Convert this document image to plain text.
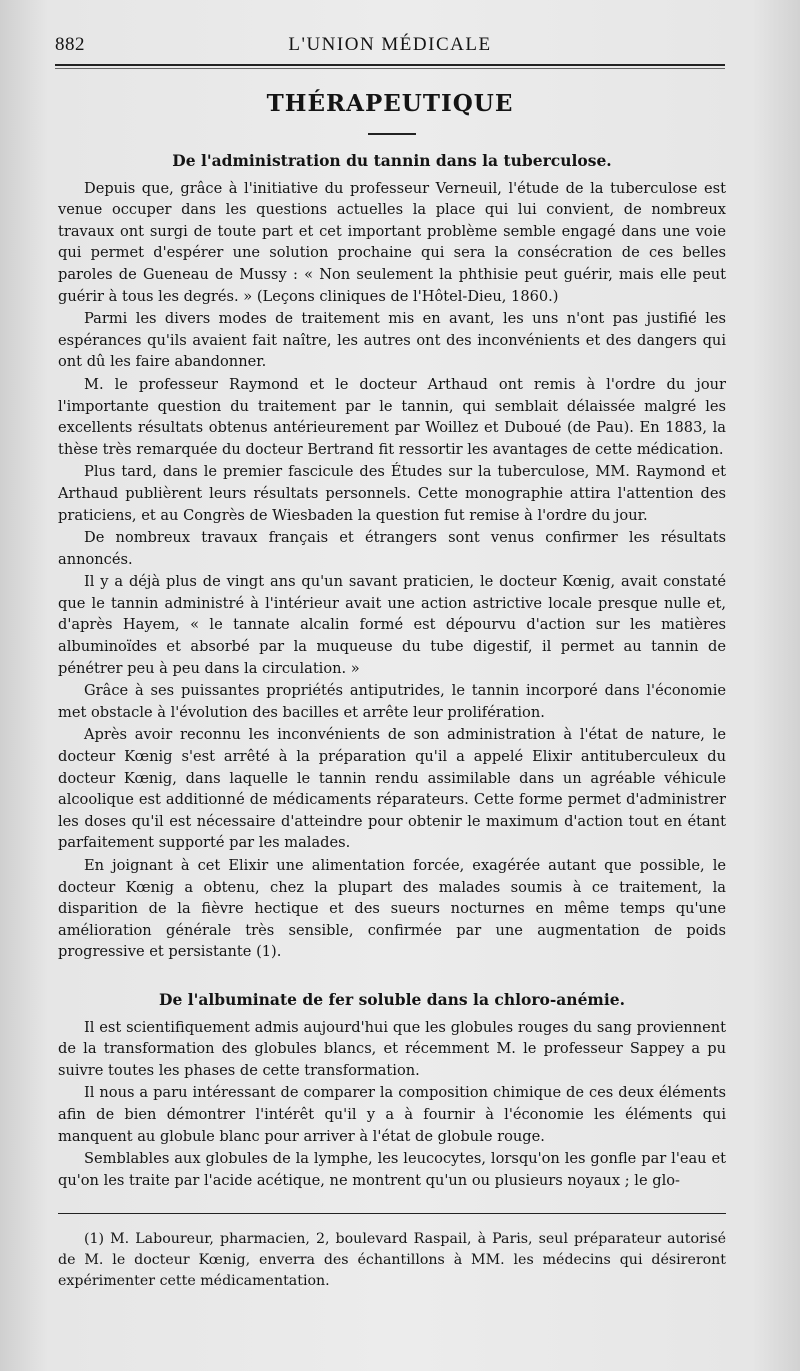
882	L'UNION MÉDICALE
THÉRAPEUTIQUE
De l'administration du tannin dans la tuberculose.

Depuis que, grâce à l'initiative du professeur Verneuil, l'étude de la tuberculose est venue occuper dans les questions actuelles la place qui lui convient, de nombreux travaux ont surgi de toute part et cet important problème semble engagé dans une voie qui permet d'espérer une solution prochaine qui sera la consécration de ces belles paroles de Gueneau de Mussy : « Non seulement la phthisie peut guérir, mais elle peut guérir à tous les degrés. » (Leçons cliniques de l'Hôtel-Dieu, 1860.)

Parmi les divers modes de traitement mis en avant, les uns n'ont pas justifié les espérances qu'ils avaient fait naître, les autres ont des inconvénients et des dangers qui ont dû les faire abandonner.

M. le professeur Raymond et le docteur Arthaud ont remis à l'ordre du jour l'importante question du traitement par le tannin, qui semblait délaissée malgré les excellents résultats obtenus antérieurement par Woillez et Duboué (de Pau). En 1883, la thèse très remarquée du docteur Bertrand fit ressortir les avantages de cette médication.

Plus tard, dans le premier fascicule des Études sur la tuberculose, MM. Raymond et Arthaud publièrent leurs résultats personnels. Cette monographie attira l'attention des praticiens, et au Congrès de Wiesbaden la question fut remise à l'ordre du jour.

De nombreux travaux français et étrangers sont venus confirmer les résultats annoncés.

Il y a déjà plus de vingt ans qu'un savant praticien, le docteur Kœnig, avait constaté que le tannin administré à l'intérieur avait une action astrictive locale presque nulle et, d'après Hayem, « le tannate alcalin formé est dépourvu d'action sur les matières albuminoïdes et absorbé par la muqueuse du tube digestif, il permet au tannin de pénétrer peu à peu dans la circulation. »

Grâce à ses puissantes propriétés antiputrides, le tannin incorporé dans l'économie met obstacle à l'évolution des bacilles et arrête leur prolifération.

Après avoir reconnu les inconvénients de son administration à l'état de nature, le docteur Kœnig s'est arrêté à la préparation qu'il a appelé Elixir antituberculeux du docteur Kœnig, dans laquelle le tannin rendu assimilable dans un agréable véhicule alcoolique est additionné de médicaments réparateurs. Cette forme permet d'administrer les doses qu'il est nécessaire d'atteindre pour obtenir le maximum d'action tout en étant parfaitement supporté par les malades.

En joignant à cet Elixir une alimentation forcée, exagérée autant que possible, le docteur Kœnig a obtenu, chez la plupart des malades soumis à ce traitement, la disparition de la fièvre hectique et des sueurs nocturnes en même temps qu'une amélioration générale très sensible, confirmée par une augmentation de poids progressive et persistante (1).

De l'albuminate de fer soluble dans la chloro-anémie.

Il est scientifiquement admis aujourd'hui que les globules rouges du sang proviennent de la transformation des globules blancs, et récemment M. le professeur Sappey a pu suivre toutes les phases de cette transformation.

Il nous a paru intéressant de comparer la composition chimique de ces deux éléments afin de bien démontrer l'intérêt qu'il y a à fournir à l'économie les éléments qui manquent au globule blanc pour arriver à l'état de globule rouge.

Semblables aux globules de la lymphe, les leucocytes, lorsqu'on les gonfle par l'eau et qu'on les traite par l'acide acétique, ne montrent qu'un ou plusieurs noyaux ; le glo-

(1) M. Laboureur, pharmacien, 2, boulevard Raspail, à Paris, seul préparateur autorisé de M. le docteur Kœnig, enverra des échantillons à MM. les médecins qui désireront expérimenter cette médicamentation.
